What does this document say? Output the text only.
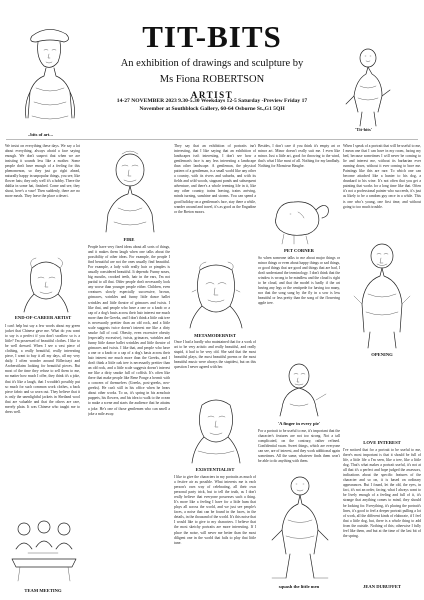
TIT-BITS
An exhibition of drawings and sculpture by
Ms Fiona ROBERTSON
ARTIST
14-27 NOVEMBER 2023 9.30-5.30 Weekdays 12-5 Saturday -Preview Friday 17
November at Southblock Gallery, 60-64 Osborne St.,G1 5QH
..bits of art...
'Tit-bits'

We insist on everything these days. We say a lot about everything, always afraid a face saying enough. We don't suspect that when we are insisting it sounds less like a mother. Some people don't have enough of a feeling for this phenomenon, so they just go right ahead, naturally happy in unpopular things, you see, like flower hats; they only well it's a hobby. There the dahlia in some hat, finished. Come and see, they shout, here's a vase! Then suddenly, there are no more meals. They leave the place a desert.

END-OF-CAREER ARTIST

I can't help but say a few words about my green jacket that Chinese gave me. What do you want to say is a perfect if you don't swallow so is a little? I'm possessed of beautiful clothes. I like to be well dressed. When I see a vast piece of clothing, a really beautiful, really interesting piece, I want to buy it all my days, all my very daily. I often wonder around Billericayt and Aroberstilatm looking for beautiful pieces. But most of the time they refuse to sell them to me, no matter how much I offer, they think it's a joke, that it's like a laugh, that I wouldn't possibly put so much for such common work clothes, a back piece fabric and so worn out. They believe that it is only the unenlightful jackets in Shetland wool that are valuable and that the others are rare, merely plain. It was Chinese who taught me to dress well.

TEAM MEETING
FIRE

People have very fixed ideas about all sorts of things, and it makes them laugh when one talks about the possibility of other ideas. For example, the people I find beautiful are not the ones usually find beautiful. For example, a lady with really hair or pimples is usually considered beautiful. It depends: Funny noses, big mouths, crooked teeth, hair in the ears, I'm not partial to all that. Older people don't necessarily look any worse than younger people either. Children, even creatures slowly especially successive, brown, grimaces, wrinkles and funny little dance ballet wrinkles and little theatre of grimaces and twists. I like that, and people who have a one or a knob or a cap of a dog's basis across their hair interest me much more than the Greeks, and I don't think a little oak tree is necessarily prettier than an old rock, and a little scale suggests twice doesn't interest me like a dirty smoke full of coal. Obesity, even excessive obesity (especially excessive), twists, grimaces, wrinkles and funny little dance ballet wrinkles and little theatre of grimaces and twists. I like that, and people who have a one or a knob or a cap of a dog's basis across their hair interest me much more than the Greeks, and I don't think a little oak tree is necessarily prettier than an old rock, and a little scale suggests doesn't interest me like a dirty smoke full of coffish. It's often like there that make people like Rene Ponge a hermit with a concern of themselves (Greeks, post-greeks, neo-greeks). He can't still in his office when he hears about other works. To us, it's spring in his armchair puppets, his flowers, and his idea to walk to the ocean to make a scene and starts the audience that he attains a joke. He's one of those gentlemen who can smell a joke a mile away.

They say that an exhibition of portraits isn't interesting, that I like saying that an exhibition of landscapes isn't interesting. I don't see how a gentleman's face is any less interesting a landscape than other landscape. A gentleman, the physical pattern of a gentleman, is a small world like any other a country, with its rivers and suburbs, and with its fields and wild woods, stagnant ponds and subsequent adventure, and there's a whole teeming life in it, like any other country, trains leaving, trains arriving, minds turning, sunshine and storms. You can spend a good holiday on a gentleman's face, stay there a while, wander around and travel, it's as good as the Engadine or the Breton moors.

METAMODERNIST

Once I had a hardly who maintained that for a work of art to be very artistic and really beautiful, and really stupid, it had to be very old. She said that the most beautiful plays, the most beautiful poems or the most beautiful music were always the stupidest, but on this question I never agreed with her.

EXISTENTIALIST

I like to give the characters in my portraits as much of a festive air as possible. What interests me is each person's own way of celebrating, all their own personal party trick, but to tell the truth, as I don't really believe that everyone possesses such a thing. It's more like a feeling I have for a little hum that plays all across the world, and we just see people's faces, a noise that can be found in the faces, in the details, in the thousand of the world. It's this noise that I would like to give to my characters. I believe that the most sketchy portraits are more interesting. If I place the noise, will never me better than the most diligent one in the world that fails to play that little tune.

Besides, I don't care if you think it's empty art or minor art. Minor doesn't really suit me. I even like minor. Just a little art, good for throwing to the wind, that's what I like most of all. Nothing for my landlady. Nothing for Monsieur Haughe.

PET CORNER

So when someone talks to me about major things or minor things or even about happy things or sad things, or good things that are good and things that are bad, I don't understand the terminology. I don't think that the window is wrong to be mindless and the cloud is right to be cloud, and that the model is badly if the art having any legs or the centipede for having too many, nor that the song sung by the fly in a sow is less beautiful or less pretty than the song of the flowering apple tree.

'A finger in every pie'

For a portrait to be useful to me, it's important that the character's features are not too strong. Not a tall complicated, on the contrary, rather refined. Confidential swan. Sweet things, which are everyone can see, are of interest, and they work additional again sometimes. All the same, whatever finds them won't be able to do anything with them.

squash the little men

When I speak of a portrait that will be useful to me, I mean one that I can have in my room, facing my bed, because sometimes I will never be coming to lie and interest me, without its barbarian ever running down, without it ever coming to bore me. Paintings like this are rare. To which one can become attached like a hunter to his dog, a drunkard to his wine. It's not often that you get a painting that works for a long time like that. Often it's not a professional painter who succeeds, it's just as likely to be a random guy once in a while. This is one who's young, one first time, and without going to too much trouble.

OPENING
LOVE INTEREST

I've noticed that for a portrait to be useful to me, there's most important is that it should be full of life, a little life a I'm seen, like a tree, like a little dog. That's what makes a portrait useful, it's not at all that it's a perfect and hope judged the assessors, indications about the specific features of the character and so on, it is based on ordinary appearances. But I found, let the old, the eyes, in fact, it's not an order, facing, what I always want to be lively enough of a feeling and full of it, it's strange that anything comes to mind, they should be looking for. Everything, it's placing the portrait's lines, it's good to feel a deeper portrait pulling a lot of work, all the different kinds of elaborate, if I feel that a little dog, but, there is a whole thing to add from the outside. Nothing of this; otherwise I fully feel like them, and but at the time of the last bit of the spring.

JEAN DUBUFFET
